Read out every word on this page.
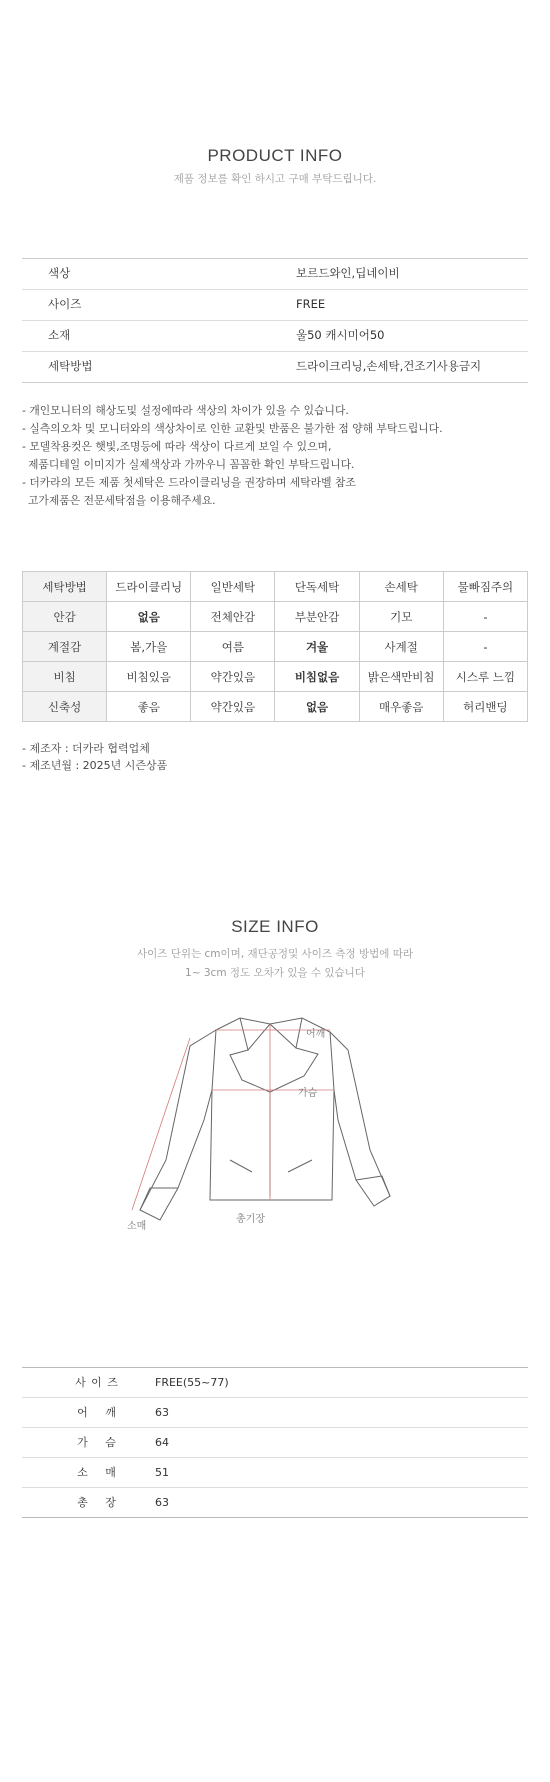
PRODUCT INFO
제품 정보를 확인 하시고 구매 부탁드립니다.
색상	보르드와인,딥네이비
사이즈	FREE
소재	울50 캐시미어50
세탁방법	드라이크리닝,손세탁,건조기사용금지
- 개인모니터의 해상도및 설정에따라 색상의 차이가 있을 수 있습니다.
- 실측의오차 및 모니터와의 색상차이로 인한 교환및 반품은 불가한 점 양해 부탁드립니다.
- 모델착용컷은 햇빛,조명등에 따라 색상이 다르게 보일 수 있으며,
제품디테일 이미지가 실제색상과 가까우니 꼼꼼한 확인 부탁드립니다.
- 더카라의 모든 제품 첫세탁은 드라이클리닝을 권장하며 세탁라벨 참조
고가제품은 전문세탁점을 이용해주세요.
세탁방법	드라이클리닝	일반세탁	단독세탁	손세탁	물빠짐주의
안감	없음	전체안감	부분안감	기모	-
계절감	봄,가을	여름	겨울	사계절	-
비침	비침있음	약간있음	비침없음	밝은색만비침	시스루 느낌
신축성	좋음	약간있음	없음	매우좋음	허리밴딩
- 제조자 : 더카라 협력업체
- 제조년월 : 2025년 시즌상품
SIZE INFO
사이즈 단위는 cm이며, 재단공정및 사이즈 측정 방법에 따라
1~ 3cm 정도 오차가 있을 수 있습니다
어깨
가슴
소매
총기장
사 이 즈	FREE(55~77)
어　 깨	63
가　 슴	64
소　 매	51
총　 장	63
